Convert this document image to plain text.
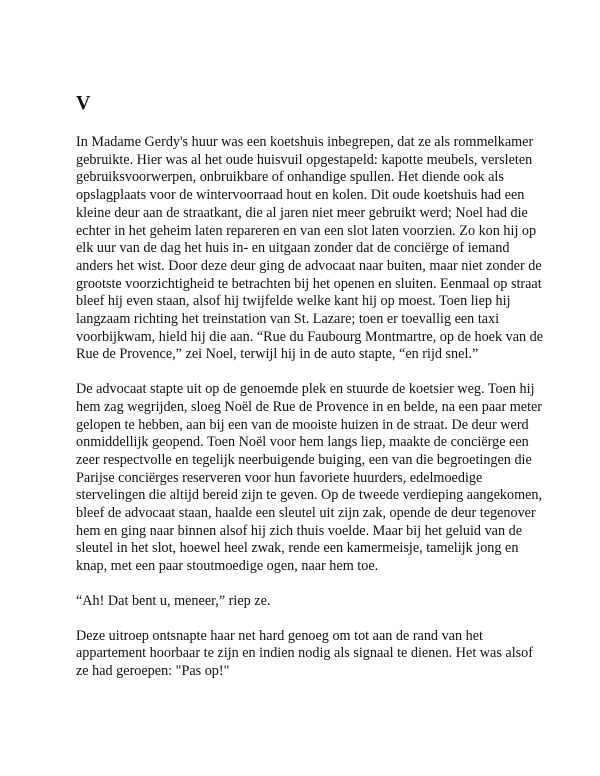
V

In Madame Gerdy's huur was een koetshuis inbegrepen, dat ze als rommelkamer gebruikte. Hier was al het oude huisvuil opgestapeld: kapotte meubels, versleten gebruiksvoorwerpen, onbruikbare of onhandige spullen. Het diende ook als opslagplaats voor de wintervoorraad hout en kolen. Dit oude koetshuis had een kleine deur aan de straatkant, die al jaren niet meer gebruikt werd; Noel had die echter in het geheim laten repareren en van een slot laten voorzien. Zo kon hij op elk uur van de dag het huis in- en uitgaan zonder dat de conciërge of iemand anders het wist. Door deze deur ging de advocaat naar buiten, maar niet zonder de grootste voorzichtigheid te betrachten bij het openen en sluiten. Eenmaal op straat bleef hij even staan, alsof hij twijfelde welke kant hij op moest. Toen liep hij langzaam richting het treinstation van St. Lazare; toen er toevallig een taxi voorbijkwam, hield hij die aan. “Rue du Faubourg Montmartre, op de hoek van de Rue de Provence,” zei Noel, terwijl hij in de auto stapte, “en rijd snel.”

De advocaat stapte uit op de genoemde plek en stuurde de koetsier weg. Toen hij hem zag wegrijden, sloeg Noël de Rue de Provence in en belde, na een paar meter gelopen te hebben, aan bij een van de mooiste huizen in de straat. De deur werd onmiddellijk geopend. Toen Noël voor hem langs liep, maakte de conciërge een zeer respectvolle en tegelijk neerbuigende buiging, een van die begroetingen die Parijse conciërges reserveren voor hun favoriete huurders, edelmoedige stervelingen die altijd bereid zijn te geven. Op de tweede verdieping aangekomen, bleef de advocaat staan, haalde een sleutel uit zijn zak, opende de deur tegenover hem en ging naar binnen alsof hij zich thuis voelde. Maar bij het geluid van de sleutel in het slot, hoewel heel zwak, rende een kamermeisje, tamelijk jong en knap, met een paar stoutmoedige ogen, naar hem toe.

“Ah! Dat bent u, meneer,” riep ze.

Deze uitroep ontsnapte haar net hard genoeg om tot aan de rand van het appartement hoorbaar te zijn en indien nodig als signaal te dienen. Het was alsof ze had geroepen: "Pas op!"
